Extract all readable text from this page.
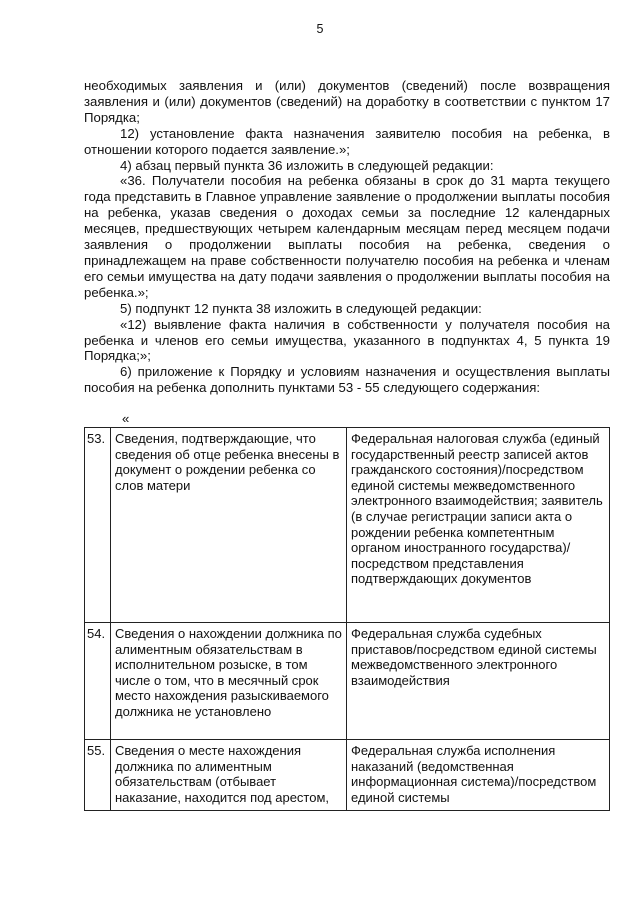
5

необходимых заявления и (или) документов (сведений) после возвращения заявления и (или) документов (сведений) на доработку в соответствии с пунктом 17 Порядка;

12) установление факта назначения заявителю пособия на ребенка, в отношении которого подается заявление.»;

4) абзац первый пункта 36 изложить в следующей редакции:

«36. Получатели пособия на ребенка обязаны в срок до 31 марта текущего года представить в Главное управление заявление о продолжении выплаты пособия на ребенка, указав сведения о доходах семьи за последние 12 календарных месяцев, предшествующих четырем календарным месяцам перед месяцем подачи заявления о продолжении выплаты пособия на ребенка, сведения о принадлежащем на праве собственности получателю пособия на ребенка и членам его семьи имущества на дату подачи заявления о продолжении выплаты пособия на ребенка.»;

5) подпункт 12 пункта 38 изложить в следующей редакции:

«12) выявление факта наличия в собственности у получателя пособия на ребенка и членов его семьи имущества, указанного в подпунктах 4, 5 пункта 19 Порядка;»;

6) приложение к Порядку и условиям назначения и осуществления выплаты пособия на ребенка дополнить пунктами 53 - 55 следующего содержания:

«
53.	Сведения, подтверждающие, что сведения об отце ребенка внесены в документ о рождении ребенка со слов матери	Федеральная налоговая служба (единый государственный реестр записей актов гражданского состояния)/посредством единой системы межведомственного электронного взаимодействия; заявитель (в случае регистрации записи акта о рождении ребенка компетентным органом иностранного государства)/посредством представления подтверждающих документов
54.	Сведения о нахождении должника по алиментным обязательствам в исполнительном розыске, в том числе о том, что в месячный срок место нахождения разыскиваемого должника не установлено	Федеральная служба судебных приставов/посредством единой системы межведомственного электронного взаимодействия
55.	Сведения о месте нахождения должника по алиментным обязательствам (отбывает наказание, находится под арестом,	Федеральная служба исполнения наказаний (ведомственная информационная система)/посредством единой системы
